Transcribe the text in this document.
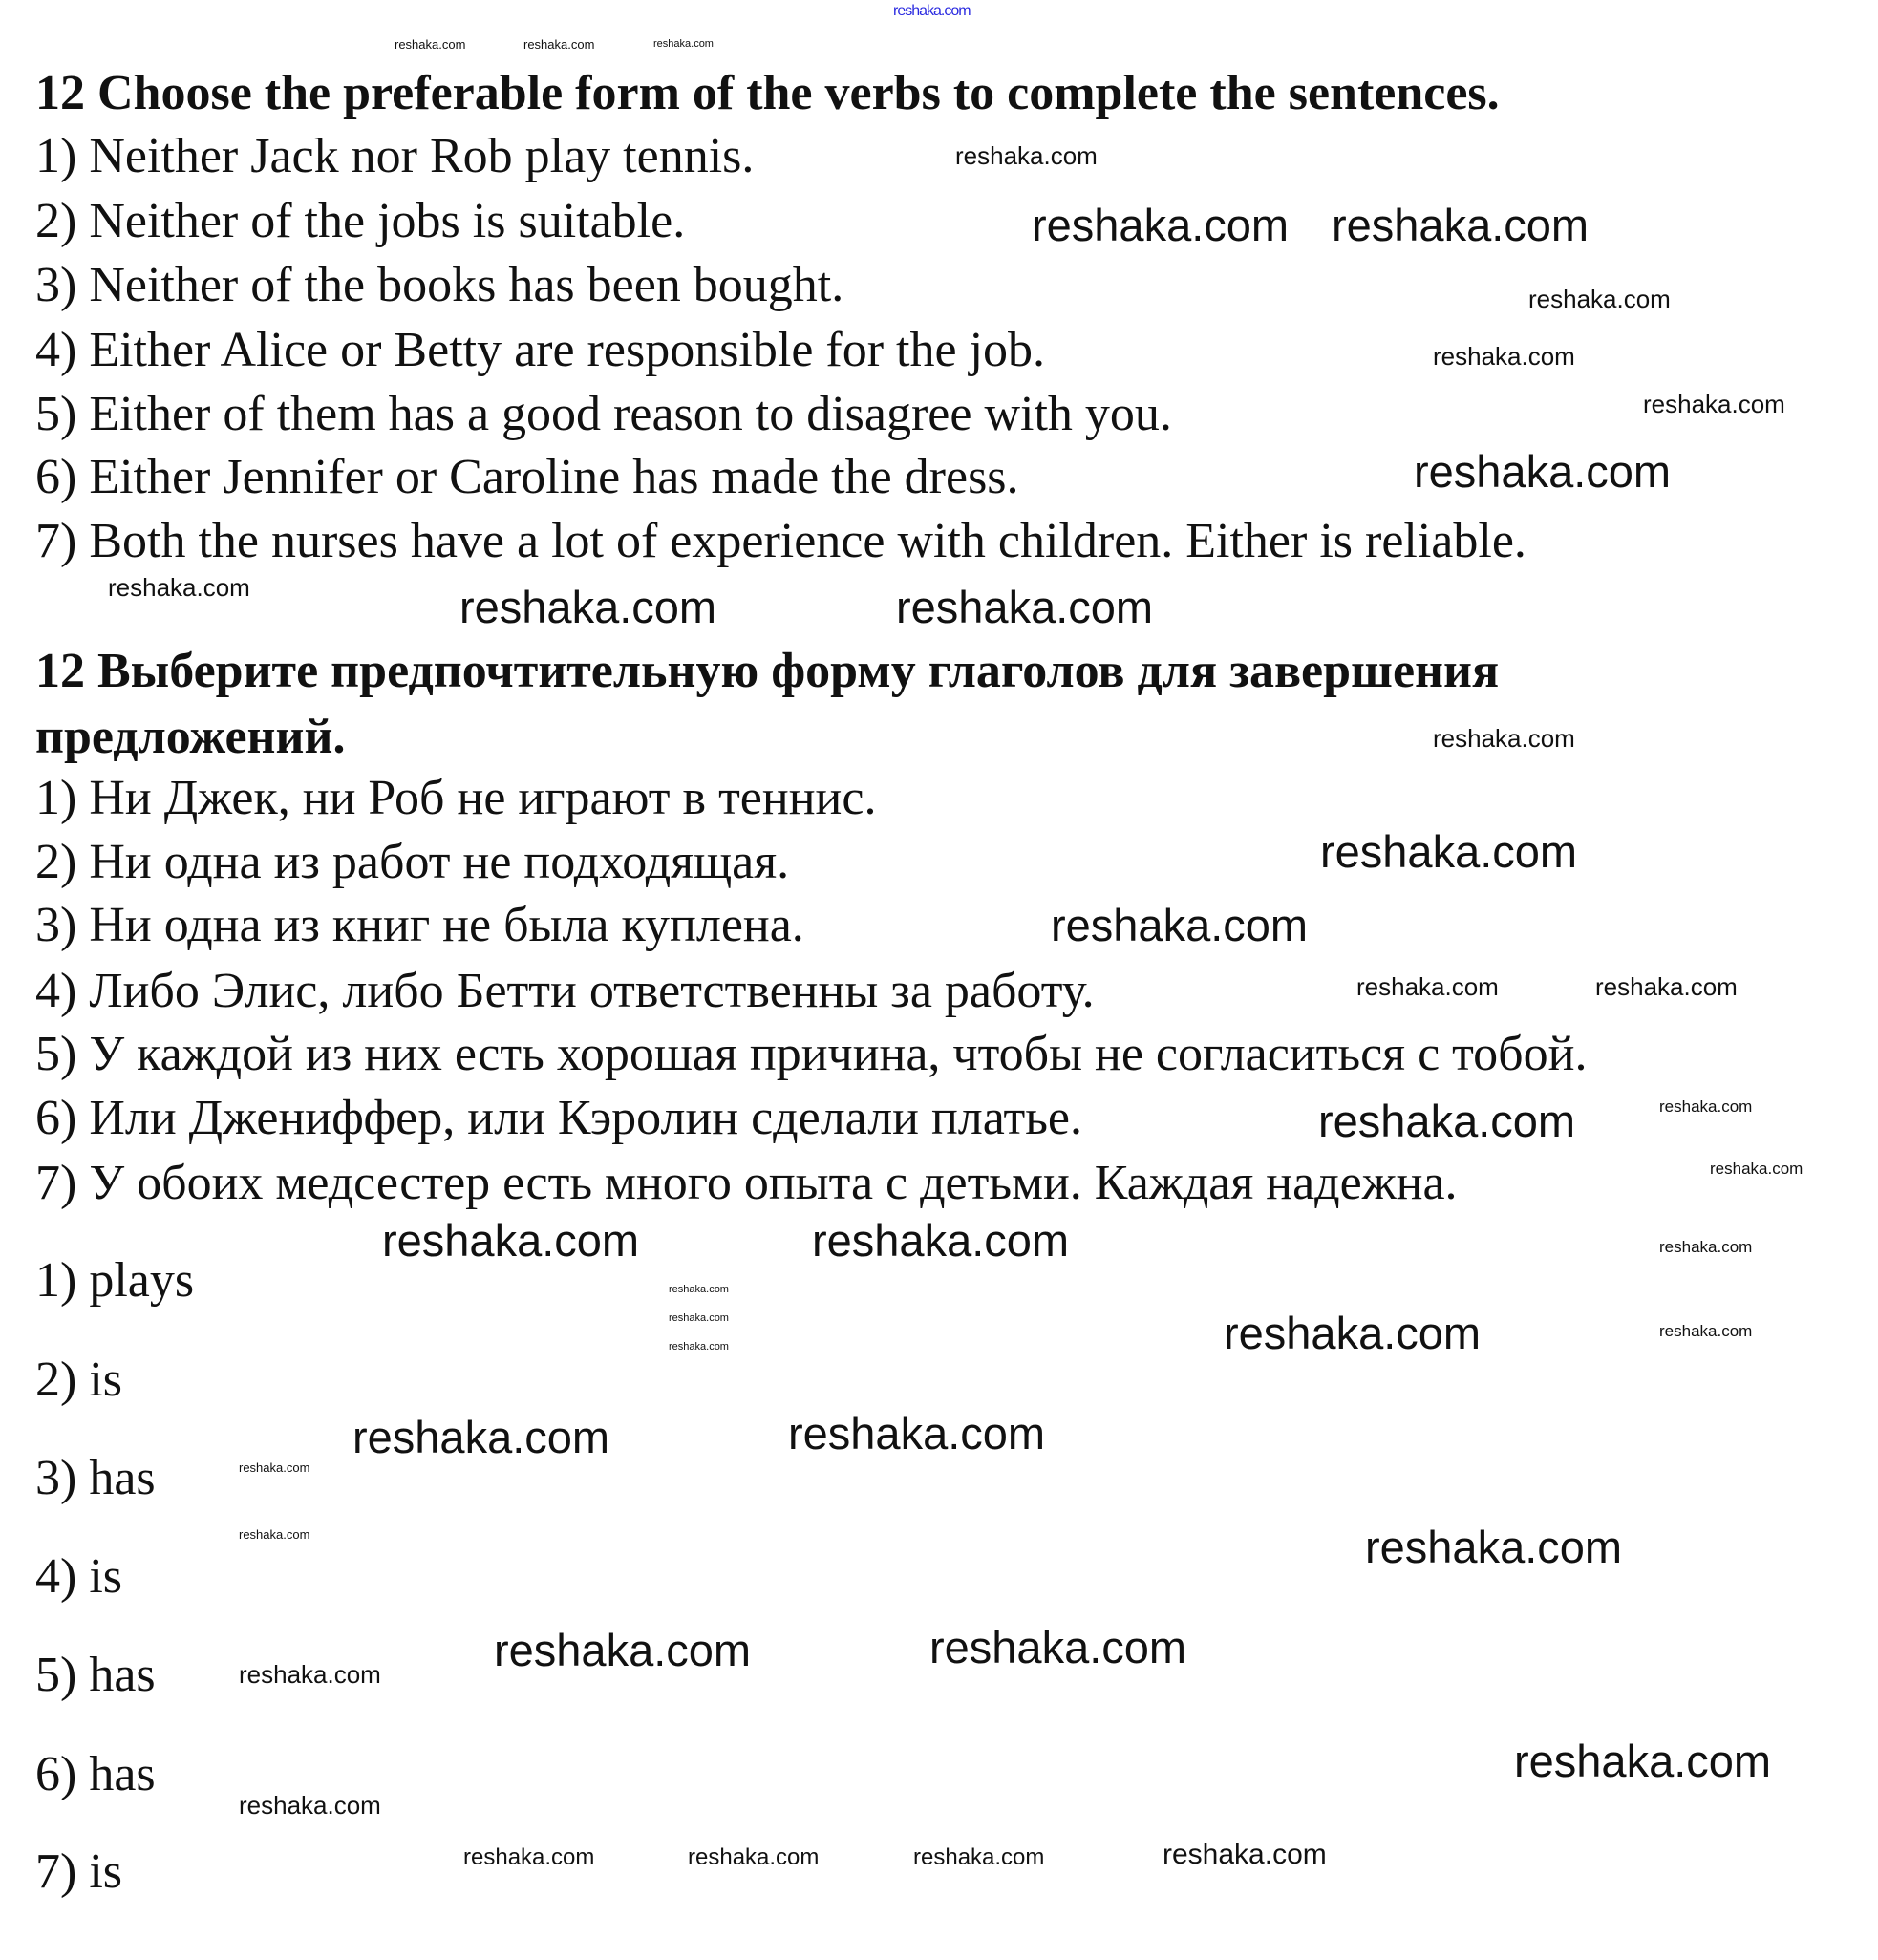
12 Choose the preferable form of the verbs to complete the sentences.
1) Neither Jack nor Rob play tennis.
2) Neither of the jobs is suitable.
3) Neither of the books has been bought.
4) Either Alice or Betty are responsible for the job.
5) Either of them has a good reason to disagree with you.
6) Either Jennifer or Caroline has made the dress.
7) Both the nurses have a lot of experience with children. Either is reliable.
12 Выберите предпочтительную форму глаголов для завершения
предложений.
1) Ни Джек, ни Роб не играют в теннис.
2) Ни одна из работ не подходящая.
3) Ни одна из книг не была куплена.
4) Либо Элис, либо Бетти ответственны за работу.
5) У каждой из них есть хорошая причина, чтобы не согласиться с тобой.
6) Или Джениффер, или Кэролин сделали платье.
7) У обоих медсестер есть много опыта с детьми. Каждая надежна.
1) plays
2) is
3) has
4) is
5) has
6) has
7) is
reshaka.com
reshaka.com reshaka.com
reshaka.com
reshaka.com	reshaka.com
reshaka.com
reshaka.com
reshaka.com
reshaka.com	reshaka.com
reshaka.com
reshaka.com	reshaka.com
reshaka.com
reshaka.com	reshaka.com
reshaka.com
reshaka.com
reshaka.com
reshaka.com
reshaka.com
reshaka.com
reshaka.com
reshaka.com	reshaka.com
reshaka.com
reshaka.com
reshaka.com	reshaka.com	reshaka.com	reshaka.com
reshaka.com	reshaka.com	reshaka.com
reshaka.com
reshaka.com
reshaka.com
reshaka.com
reshaka.com
reshaka.com
reshaka.com
reshaka.com
reshaka.com
